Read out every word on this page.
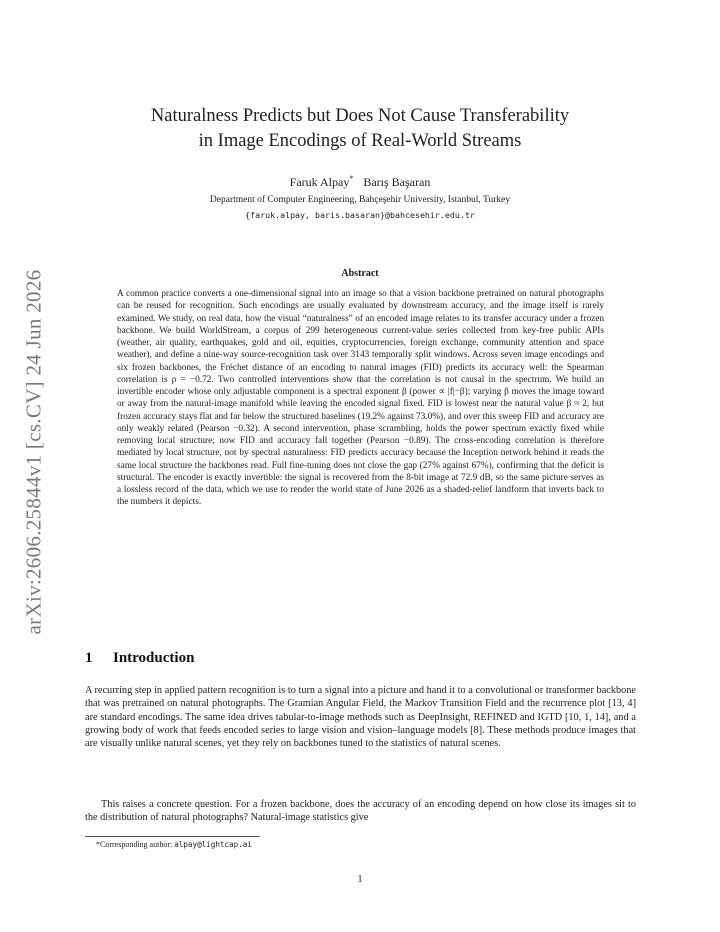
arXiv:2606.25844v1 [cs.CV] 24 Jun 2026
Naturalness Predicts but Does Not Cause Transferability
in Image Encodings of Real-World Streams
Faruk Alpay* Barış Başaran
Department of Computer Engineering, Bahçeşehir University, Istanbul, Turkey
{faruk.alpay, baris.basaran}@bahcesehir.edu.tr
Abstract

A common practice converts a one-dimensional signal into an image so that a vision backbone pretrained on natural photographs can be reused for recognition. Such encodings are usually evaluated by downstream accuracy, and the image itself is rarely examined. We study, on real data, how the visual “naturalness” of an encoded image relates to its transfer accuracy under a frozen backbone. We build WorldStream, a corpus of 299 heterogeneous current-value series collected from key-free public APIs (weather, air quality, earthquakes, gold and oil, equities, cryptocurrencies, foreign exchange, community attention and space weather), and define a nine-way source-recognition task over 3143 temporally split windows. Across seven image encodings and six frozen backbones, the Fréchet distance of an encoding to natural images (FID) predicts its accuracy well: the Spearman correlation is ρ = −0.72. Two controlled interventions show that the correlation is not causal in the spectrum. We build an invertible encoder whose only adjustable component is a spectral exponent β (power ∝ |f|−β); varying β moves the image toward or away from the natural-image manifold while leaving the encoded signal fixed. FID is lowest near the natural value β ≈ 2, but frozen accuracy stays flat and far below the structured baselines (19.2% against 73.0%), and over this sweep FID and accuracy are only weakly related (Pearson −0.32). A second intervention, phase scrambling, holds the power spectrum exactly fixed while removing local structure; now FID and accuracy fall together (Pearson −0.89). The cross-encoding correlation is therefore mediated by local structure, not by spectral naturalness: FID predicts accuracy because the Inception network behind it reads the same local structure the backbones read. Full fine-tuning does not close the gap (27% against 67%), confirming that the deficit is structural. The encoder is exactly invertible: the signal is recovered from the 8-bit image at 72.9 dB, so the same picture serves as a lossless record of the data, which we use to render the world state of June 2026 as a shaded-relief landform that inverts back to the numbers it depicts.

1 Introduction

A recurring step in applied pattern recognition is to turn a signal into a picture and hand it to a convolutional or transformer backbone that was pretrained on natural photographs. The Gramian Angular Field, the Markov Transition Field and the recurrence plot [13, 4] are standard encodings. The same idea drives tabular-to-image methods such as DeepInsight, REFINED and IGTD [10, 1, 14], and a growing body of work that feeds encoded series to large vision and vision–language models [8]. These methods produce images that are visually unlike natural scenes, yet they rely on backbones tuned to the statistics of natural scenes.

This raises a concrete question. For a frozen backbone, does the accuracy of an encoding depend on how close its images sit to the distribution of natural photographs? Natural-image statistics give

*Corresponding author: alpay@lightcap.ai
1
